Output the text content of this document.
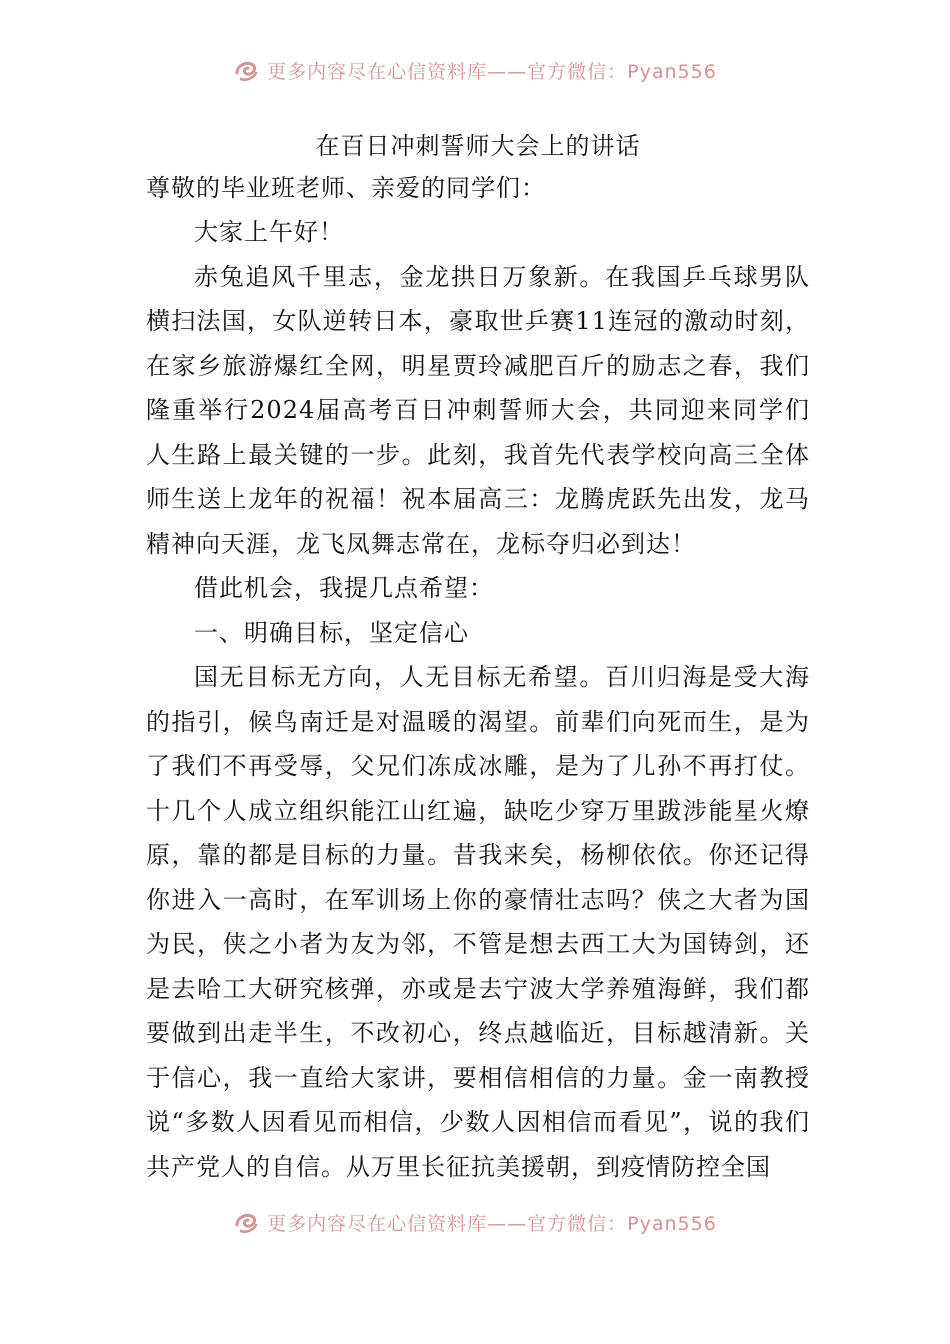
更多内容尽在心信资料库——官方微信：Pyan556
在百日冲刺誓师大会上的讲话

尊敬的毕业班老师、亲爱的同学们：

大家上午好！

赤兔追风千里志，金龙拱日万象新。在我国乒乓球男队横扫法国，女队逆转日本，豪取世乒赛11连冠的激动时刻，在家乡旅游爆红全网，明星贾玲减肥百斤的励志之春，我们隆重举行2024届高考百日冲刺誓师大会，共同迎来同学们人生路上最关键的一步。此刻，我首先代表学校向高三全体师生送上龙年的祝福！祝本届高三：龙腾虎跃先出发，龙马精神向天涯，龙飞凤舞志常在，龙标夺归必到达！

借此机会，我提几点希望：

一、明确目标，坚定信心

国无目标无方向，人无目标无希望。百川归海是受大海的指引，候鸟南迁是对温暖的渴望。前辈们向死而生，是为了我们不再受辱，父兄们冻成冰雕，是为了儿孙不再打仗。十几个人成立组织能江山红遍，缺吃少穿万里跋涉能星火燎原，靠的都是目标的力量。昔我来矣，杨柳依依。你还记得你进入一高时，在军训场上你的豪情壮志吗？侠之大者为国为民，侠之小者为友为邻，不管是想去西工大为国铸剑，还是去哈工大研究核弹，亦或是去宁波大学养殖海鲜，我们都要做到出走半生，不改初心，终点越临近，目标越清新。关于信心，我一直给大家讲，要相信相信的力量。金一南教授说“多数人因看见而相信，少数人因相信而看见”，说的我们共产党人的自信。从万里长征抗美援朝，到疫情防控全国

更多内容尽在心信资料库——官方微信：Pyan556
